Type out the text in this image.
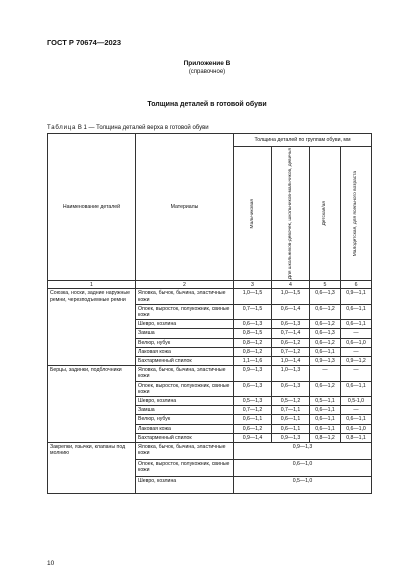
ГОСТ Р 70674—2023
Приложение В
(справочное)
Толщина деталей в готовой обуви
Таблица В 1 — Толщина деталей верха в готовой обуви
Наименование деталей	Материалы	Толщина деталей по группам обуви, мм			

		Мальчиковая	Для школьников-девочек, школьников-мальчиков, девичья	Детская/ая	Малодетская, для ясельного возраста

1	2	3	4	5	6
Союзка, носки, задние наружные ремни, черезподъемные ремни	Яловка, бычок, бычина, эластичные кожи	1,0—1,5	1,0—1,5	0,6—1,3	0,9—1,1
	Опоек, выросток, полукожник, свиные кожи	0,7—1,5	0,6—1,4	0,6—1,2	0,6—1,1
	Шевро, козлина	0,6—1,3	0,6—1,3	0,6—1,2	0,6—1,1
	Замша	0,8—1,5	0,7—1,4	0,6—1,3	—
	Велюр, нубук	0,8—1,2	0,6—1,2	0,6—1,2	0,6—1,0
	Лаковая кожа	0,8—1,2	0,7—1,2	0,6—1,1	—
	Бахтарменный спилок	1,1—1,6	1,0—1,4	0,9—1,3	0,9—1,2
Берцы, задинки, подблочники	Яловка, бычок, бычина, эластичные кожи	0,9—1,3	1,0—1,3	—	—
	Опоек, выросток, полукожник, свиные кожи	0,6—1,3	0,6—1,3	0,6—1,2	0,6—1,1
	Шевро, козлина	0,5—1,3	0,5—1,2	0,5—1,1	0,5-1,0
	Замша	0,7—1,2	0,7—1,1	0,6—1,1	—
	Велюр, нубук	0,6—1,1	0,6—1,1	0,6—1,1	0,6—1,1
	Лаковая кожа	0,6—1,2	0,6—1,1	0,6—1,1	0,6—1,0
	Бахтарменный спилок	0,9—1,4	0,9—1,3	0,8—1,2	0,8—1,1
Закрепки, язычки, клапаны под молнию	Яловка, бычок, бычина, эластичные кожи	0,9—1,3			
	Опоек, выросток, полукожник, свиные кожи	0,6—1,0			
	Шевро, козлина	0,5—1,0			
10
